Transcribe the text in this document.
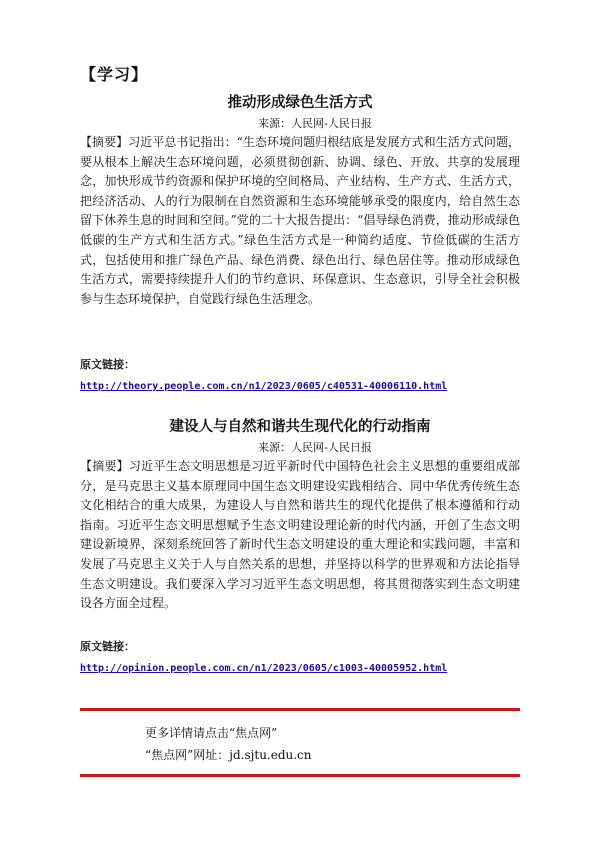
【学习】
推动形成绿色生活方式

来源：人民网-人民日报

【摘要】习近平总书记指出：“生态环境问题归根结底是发展方式和生活方式问题，要从根本上解决生态环境问题，必须贯彻创新、协调、绿色、开放、共享的发展理念，加快形成节约资源和保护环境的空间格局、产业结构、生产方式、生活方式，把经济活动、人的行为限制在自然资源和生态环境能够承受的限度内，给自然生态留下休养生息的时间和空间。”党的二十大报告提出：“倡导绿色消费，推动形成绿色低碳的生产方式和生活方式。”绿色生活方式是一种简约适度、节俭低碳的生活方式，包括使用和推广绿色产品、绿色消费、绿色出行、绿色居住等。推动形成绿色生活方式，需要持续提升人们的节约意识、环保意识、生态意识，引导全社会积极参与生态环境保护，自觉践行绿色生活理念。

原文链接：

http://theory.people.com.cn/n1/2023/0605/c40531-40006110.html
建设人与自然和谐共生现代化的行动指南

来源：人民网-人民日报

【摘要】习近平生态文明思想是习近平新时代中国特色社会主义思想的重要组成部分，是马克思主义基本原理同中国生态文明建设实践相结合、同中华优秀传统生态文化相结合的重大成果，为建设人与自然和谐共生的现代化提供了根本遵循和行动指南。习近平生态文明思想赋予生态文明建设理论新的时代内涵，开创了生态文明建设新境界，深刻系统回答了新时代生态文明建设的重大理论和实践问题，丰富和发展了马克思主义关于人与自然关系的思想，并坚持以科学的世界观和方法论指导生态文明建设。我们要深入学习习近平生态文明思想，将其贯彻落实到生态文明建设各方面全过程。

原文链接：

http://opinion.people.com.cn/n1/2023/0605/c1003-40005952.html

更多详情请点击“焦点网”

“焦点网”网址：jd.sjtu.edu.cn
